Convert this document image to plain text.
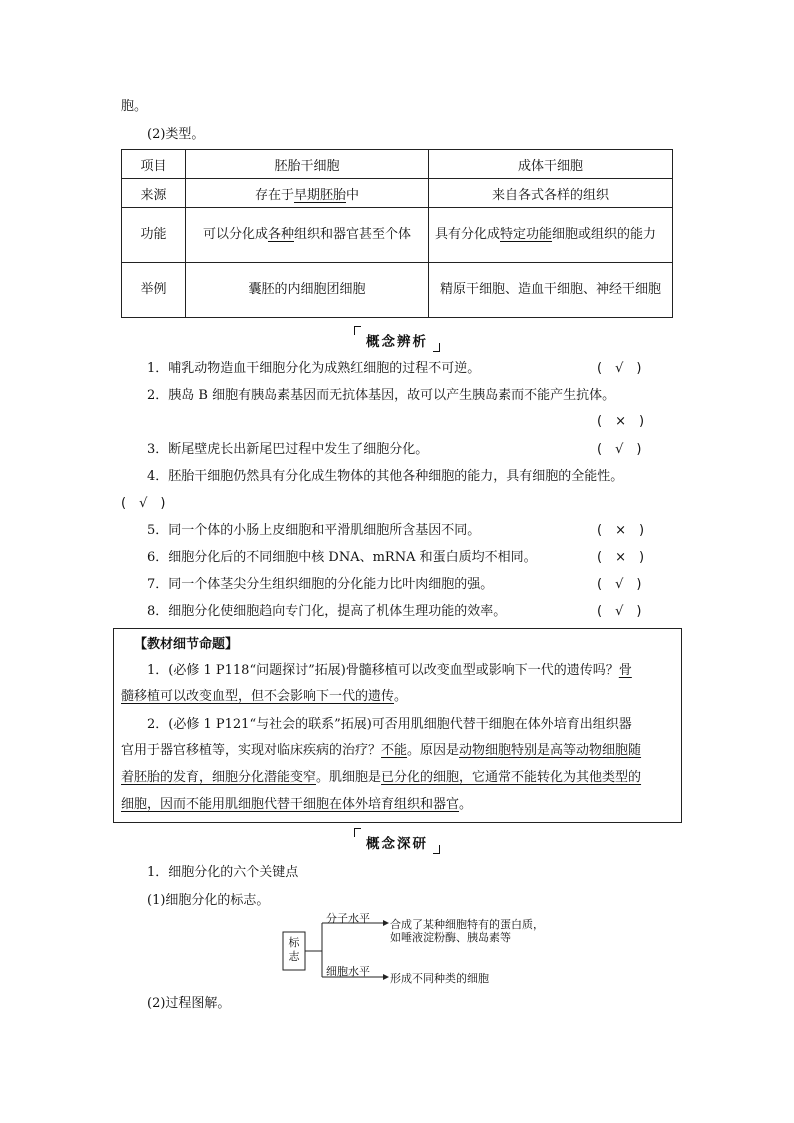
胞。
(2)类型。
项目	胚胎干细胞	成体干细胞
来源	存在于早期胚胎中	来自各式各样的组织
功能	可以分化成各种组织和器官甚至个体	具有分化成特定功能细胞或组织的能力
举例	囊胚的内细胞团细胞	精原干细胞、造血干细胞、神经干细胞
概念辨析
1．哺乳动物造血干细胞分化为成熟红细胞的过程不可逆。	(　√　)
2．胰岛 B 细胞有胰岛素基因而无抗体基因，故可以产生胰岛素而不能产生抗体。
(　×　)
3．断尾壁虎长出新尾巴过程中发生了细胞分化。	(　√　)
4．胚胎干细胞仍然具有分化成生物体的其他各种细胞的能力，具有细胞的全能性。
(　√　)
5．同一个体的小肠上皮细胞和平滑肌细胞所含基因不同。	(　×　)
6．细胞分化后的不同细胞中核 DNA、mRNA 和蛋白质均不相同。	(　×　)
7．同一个体茎尖分生组织细胞的分化能力比叶肉细胞的强。	(　√　)
8．细胞分化使细胞趋向专门化，提高了机体生理功能的效率。	(　√　)
【教材细节命题】
1．(必修 1 P118“问题探讨”拓展)骨髓移植可以改变血型或影响下一代的遗传吗？骨
髓移植可以改变血型，但不会影响下一代的遗传。
2．(必修 1 P121“与社会的联系”拓展)可否用肌细胞代替干细胞在体外培育出组织器
官用于器官移植等，实现对临床疾病的治疗？不能。原因是动物细胞特别是高等动物细胞随
着胚胎的发育，细胞分化潜能变窄。肌细胞是已分化的细胞，它通常不能转化为其他类型的
细胞，因而不能用肌细胞代替干细胞在体外培育组织和器官。
概念深研
1．细胞分化的六个关键点
(1)细胞分化的标志。
标志
分子水平 合成了某种细胞特有的蛋白质，
如唾液淀粉酶、胰岛素等
细胞水平
形成不同种类的细胞
(2)过程图解。
